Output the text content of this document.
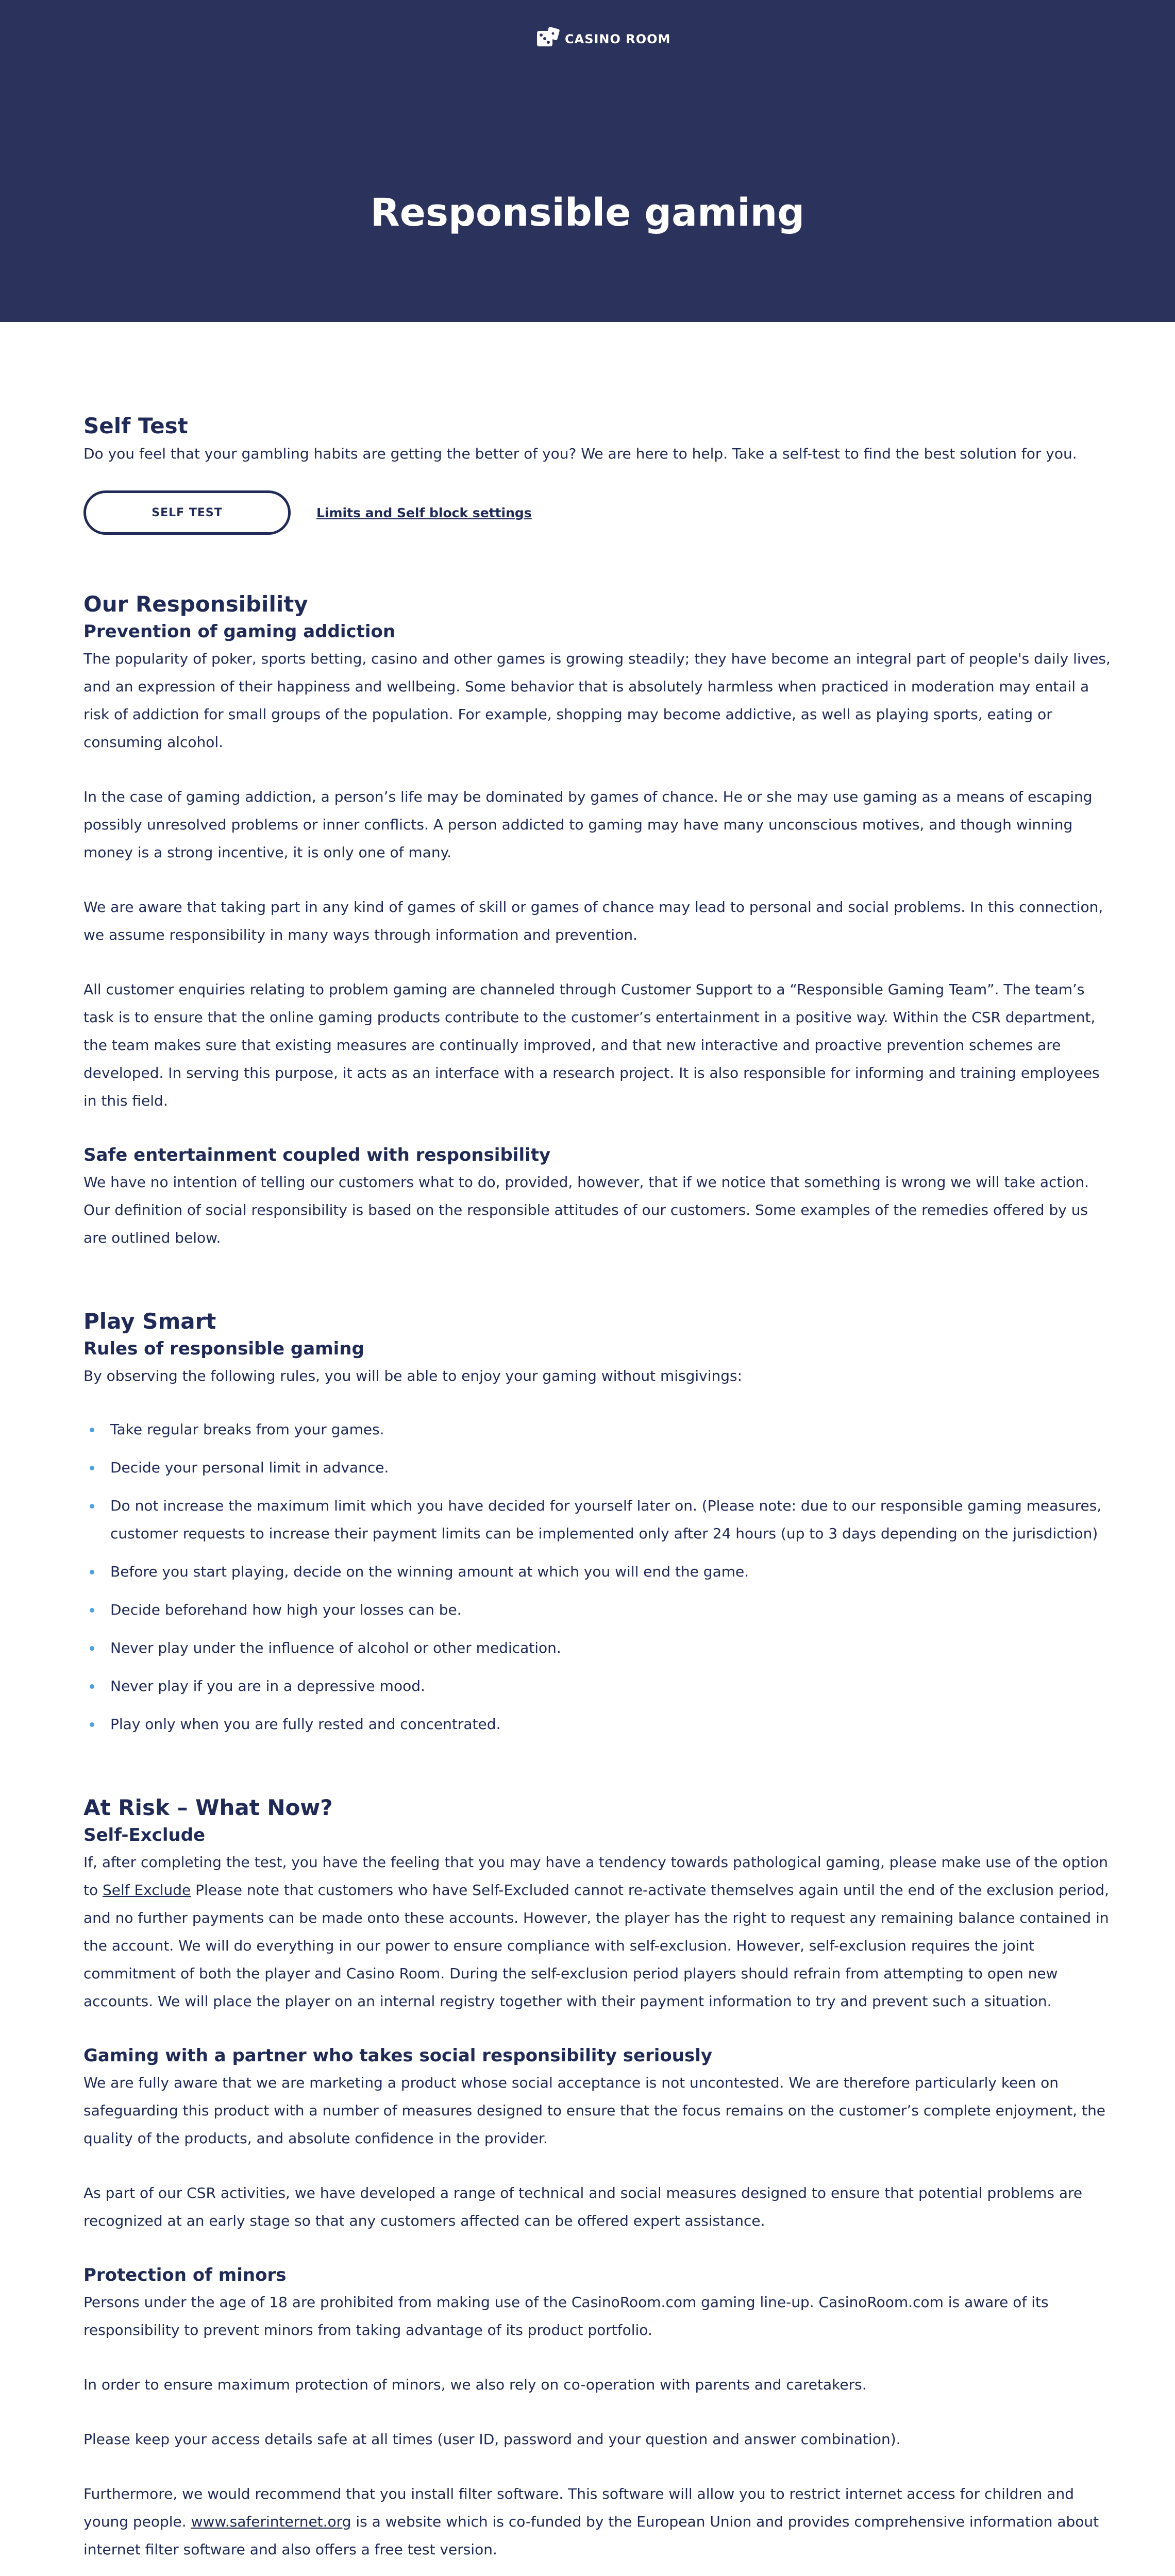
CASINO ROOM
Responsible gaming
Self Test

Do you feel that your gambling habits are getting the better of you? We are here to help. Take a self-test to find the best solution for you.

SELF TEST	Limits and Self block settings
Our Responsibility
Prevention of gaming addiction

The popularity of poker, sports betting, casino and other games is growing steadily; they have become an integral part of people's daily lives, and an expression of their happiness and wellbeing. Some behavior that is absolutely harmless when practiced in moderation may entail a risk of addiction for small groups of the population. For example, shopping may become addictive, as well as playing sports, eating or consuming alcohol.

In the case of gaming addiction, a person’s life may be dominated by games of chance. He or she may use gaming as a means of escaping possibly unresolved problems or inner conflicts. A person addicted to gaming may have many unconscious motives, and though winning money is a strong incentive, it is only one of many.

We are aware that taking part in any kind of games of skill or games of chance may lead to personal and social problems. In this connection, we assume responsibility in many ways through information and prevention.

All customer enquiries relating to problem gaming are channeled through Customer Support to a “Responsible Gaming Team”. The team’s task is to ensure that the online gaming products contribute to the customer’s entertainment in a positive way. Within the CSR department, the team makes sure that existing measures are continually improved, and that new interactive and proactive prevention schemes are developed. In serving this purpose, it acts as an interface with a research project. It is also responsible for informing and training employees in this field.

Safe entertainment coupled with responsibility

We have no intention of telling our customers what to do, provided, however, that if we notice that something is wrong we will take action. Our definition of social responsibility is based on the responsible attitudes of our customers. Some examples of the remedies offered by us are outlined below.

Play Smart
Rules of responsible gaming

By observing the following rules, you will be able to enjoy your gaming without misgivings:

Take regular breaks from your games.
Decide your personal limit in advance.
Do not increase the maximum limit which you have decided for yourself later on. (Please note: due to our responsible gaming measures, customer requests to increase their payment limits can be implemented only after 24 hours (up to 3 days depending on the jurisdiction)
Before you start playing, decide on the winning amount at which you will end the game.
Decide beforehand how high your losses can be.
Never play under the influence of alcohol or other medication.
Never play if you are in a depressive mood.
Play only when you are fully rested and concentrated.
At Risk – What Now?
Self-Exclude

If, after completing the test, you have the feeling that you may have a tendency towards pathological gaming, please make use of the option to Self Exclude Please note that customers who have Self-Excluded cannot re-activate themselves again until the end of the exclusion period, and no further payments can be made onto these accounts. However, the player has the right to request any remaining balance contained in the account. We will do everything in our power to ensure compliance with self-exclusion. However, self-exclusion requires the joint commitment of both the player and Casino Room. During the self-exclusion period players should refrain from attempting to open new accounts. We will place the player on an internal registry together with their payment information to try and prevent such a situation.

Gaming with a partner who takes social responsibility seriously

We are fully aware that we are marketing a product whose social acceptance is not uncontested. We are therefore particularly keen on safeguarding this product with a number of measures designed to ensure that the focus remains on the customer’s complete enjoyment, the quality of the products, and absolute confidence in the provider.

As part of our CSR activities, we have developed a range of technical and social measures designed to ensure that potential problems are recognized at an early stage so that any customers affected can be offered expert assistance.

Protection of minors

Persons under the age of 18 are prohibited from making use of the CasinoRoom.com gaming line-up. CasinoRoom.com is aware of its responsibility to prevent minors from taking advantage of its product portfolio.

In order to ensure maximum protection of minors, we also rely on co-operation with parents and caretakers.

Please keep your access details safe at all times (user ID, password and your question and answer combination).

Furthermore, we would recommend that you install filter software. This software will allow you to restrict internet access for children and young people. www.saferinternet.org is a website which is co-funded by the European Union and provides comprehensive information about internet filter software and also offers a free test version.
